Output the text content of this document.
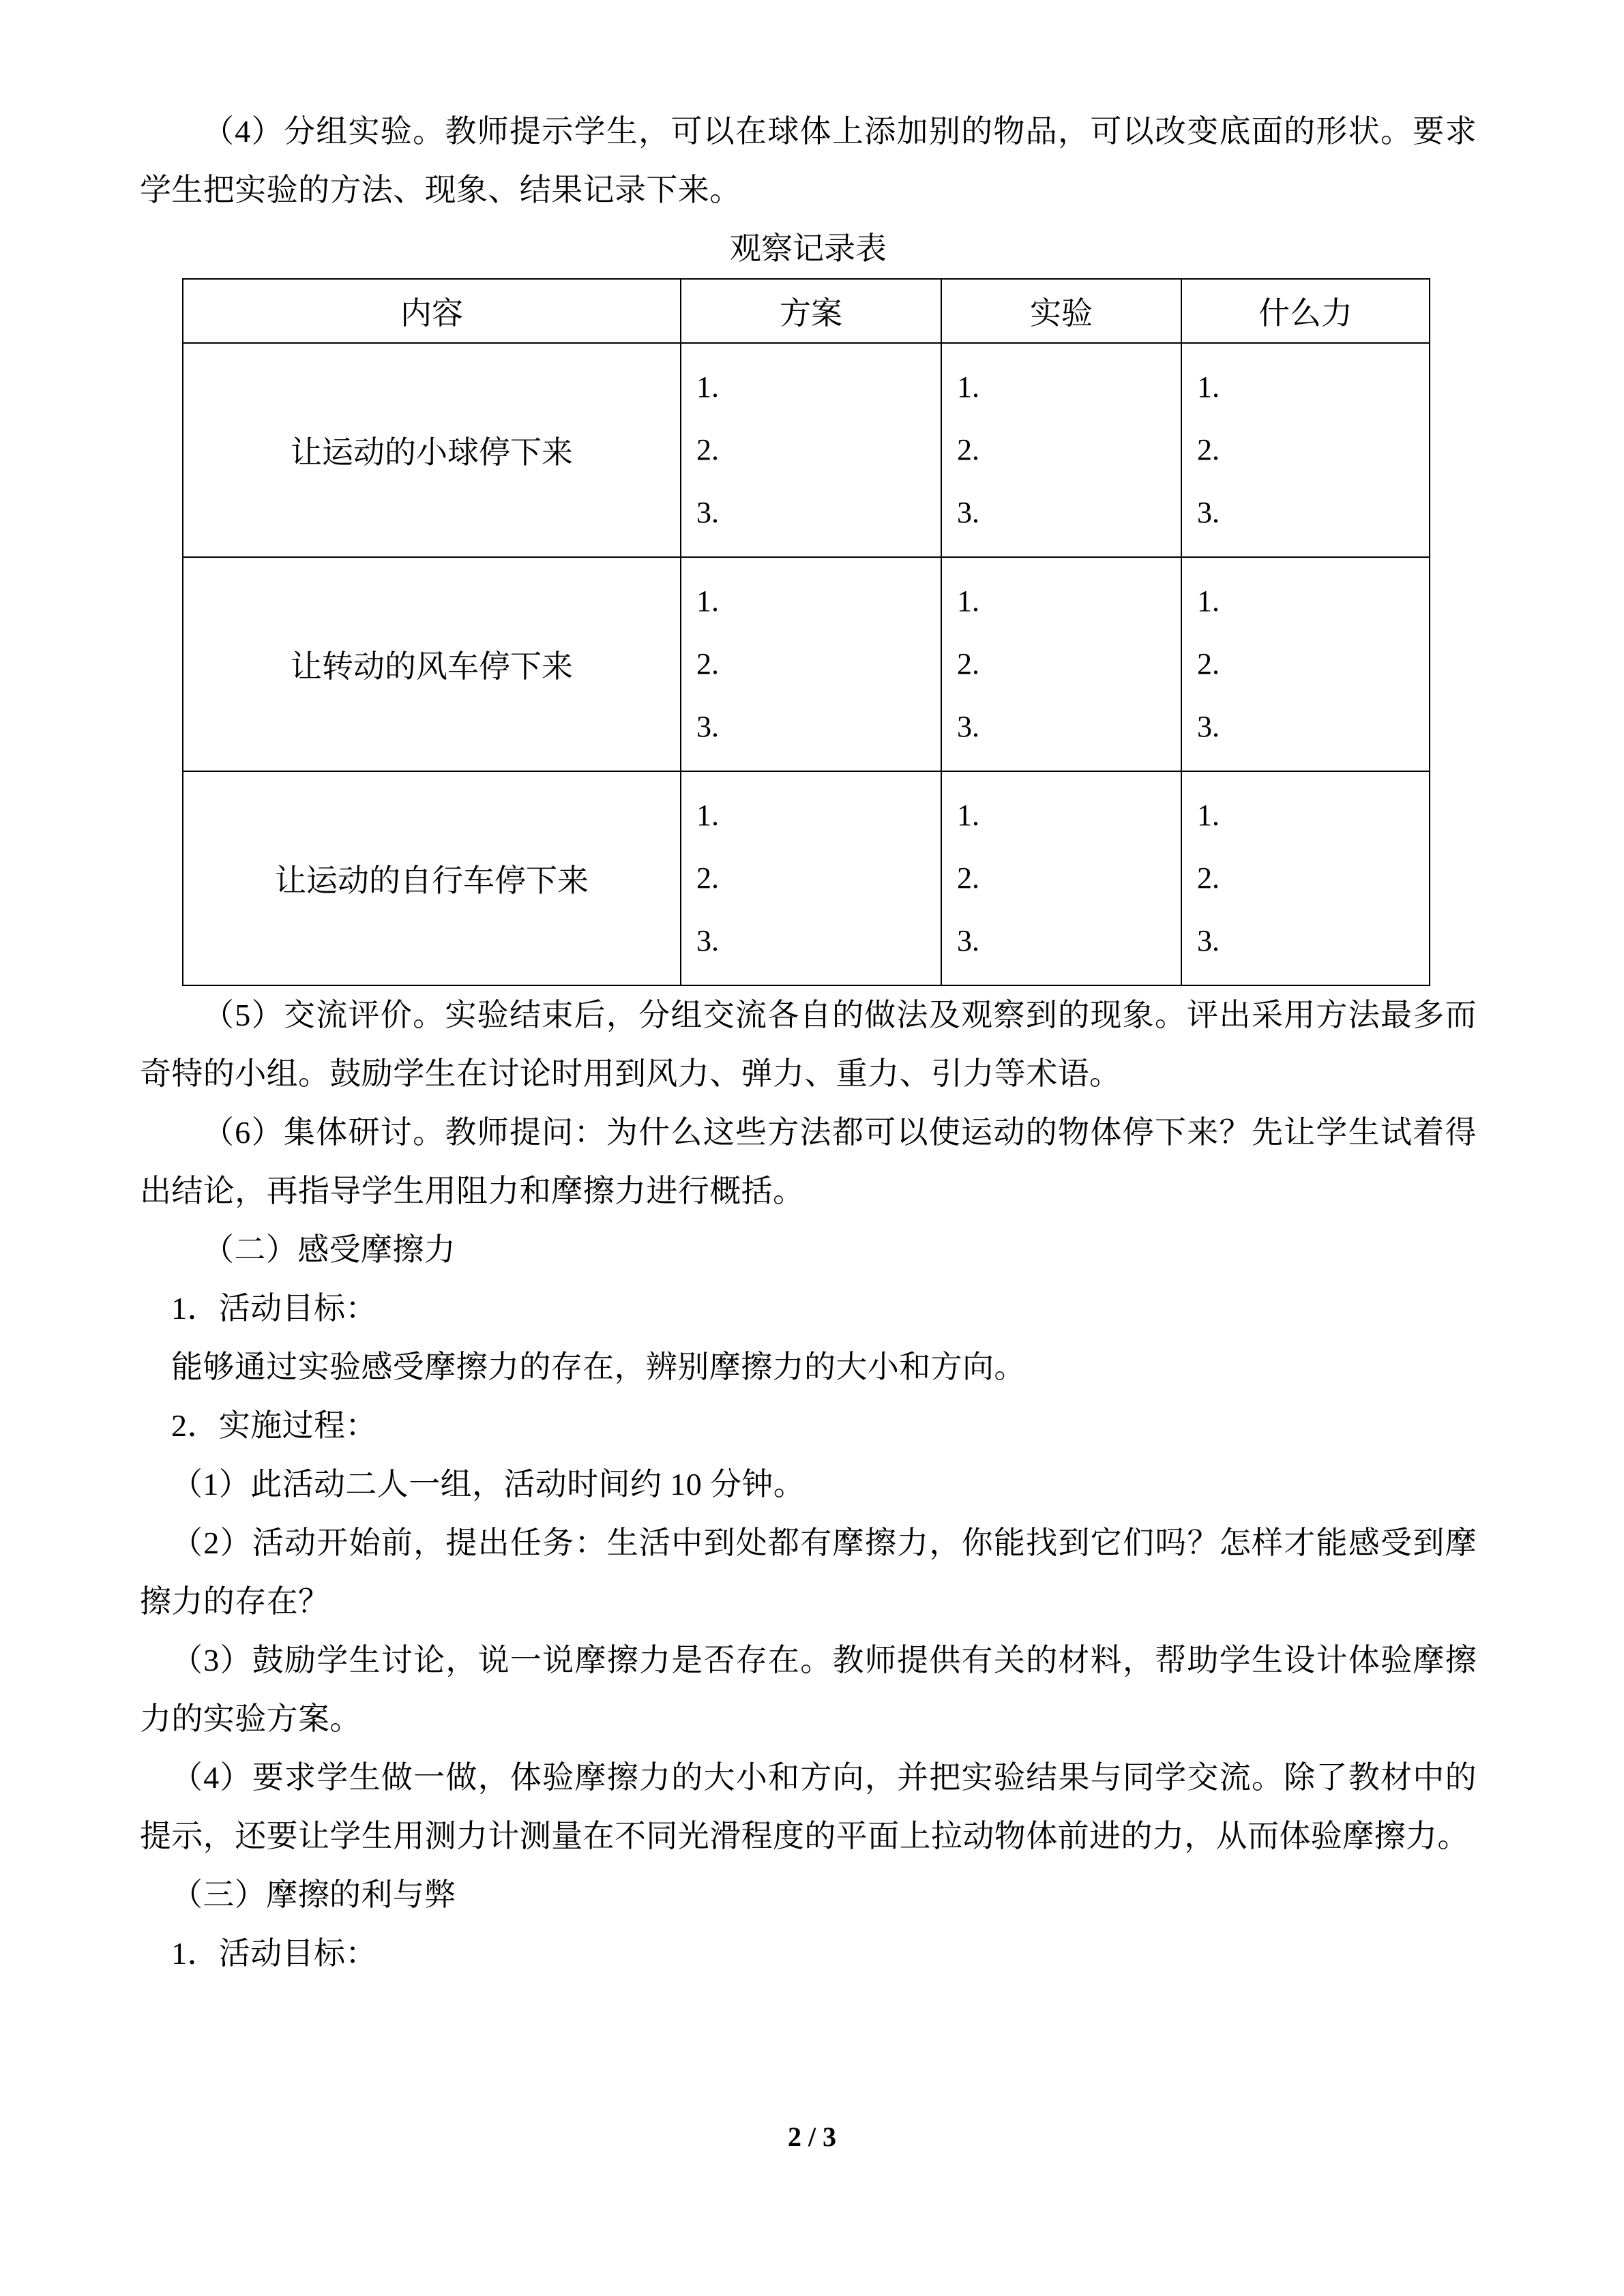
（4）分组实验。教师提示学生，可以在球体上添加别的物品，可以改变底面的形状。要求学生把实验的方法、现象、结果记录下来。

观察记录表

内容	方案	实验	什么力
让运动的小球停下来	1.
2.
3.	1.
2.
3.	1.
2.
3.

让转动的风车停下来	1.
2.
3.	1.
2.
3.	1.
2.
3.

让运动的自行车停下来	1.
2.
3.	1.
2.
3.	1.
2.
3.

（5）交流评价。实验结束后，分组交流各自的做法及观察到的现象。评出采用方法最多而奇特的小组。鼓励学生在讨论时用到风力、弹力、重力、引力等术语。

（6）集体研讨。教师提问：为什么这些方法都可以使运动的物体停下来？先让学生试着得出结论，再指导学生用阻力和摩擦力进行概括。

（二）感受摩擦力

1．活动目标：

能够通过实验感受摩擦力的存在，辨别摩擦力的大小和方向。

2．实施过程：

（1）此活动二人一组，活动时间约 10 分钟。

（2）活动开始前，提出任务：生活中到处都有摩擦力，你能找到它们吗？怎样才能感受到摩擦力的存在？

（3）鼓励学生讨论，说一说摩擦力是否存在。教师提供有关的材料，帮助学生设计体验摩擦力的实验方案。

（4）要求学生做一做，体验摩擦力的大小和方向，并把实验结果与同学交流。除了教材中的提示，还要让学生用测力计测量在不同光滑程度的平面上拉动物体前进的力，从而体验摩擦力。

（三）摩擦的利与弊

1．活动目标：

2 / 3
